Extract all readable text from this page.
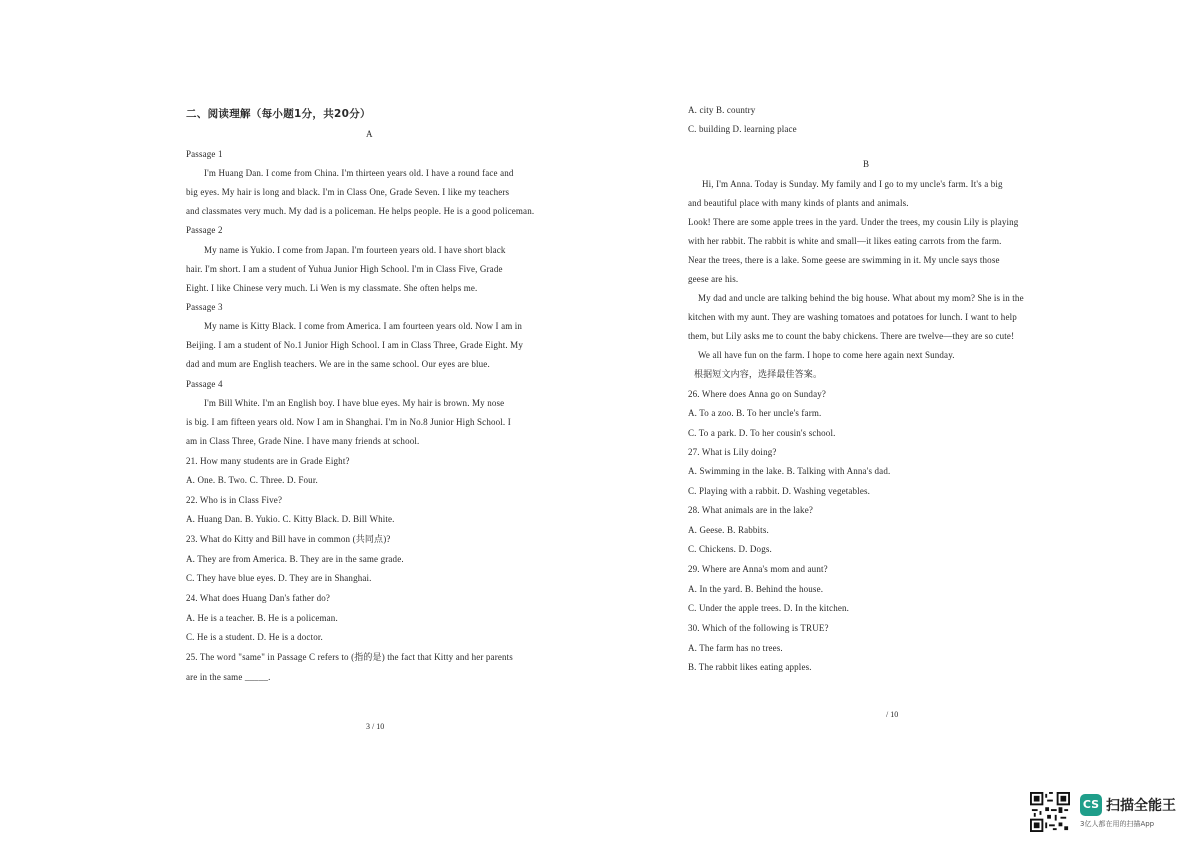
二、阅读理解（每小题1分，共20分）
A
Passage 1
I'm Huang Dan. I come from China. I'm thirteen years old. I have a round face and
big eyes. My hair is long and black. I'm in Class One, Grade Seven. I like my teachers
and classmates very much. My dad is a policeman. He helps people. He is a good policeman.
Passage 2
My name is Yukio. I come from Japan. I'm fourteen years old. I have short black
hair. I'm short. I am a student of Yuhua Junior High School. I'm in Class Five, Grade
Eight. I like Chinese very much. Li Wen is my classmate. She often helps me.
Passage 3
My name is Kitty Black. I come from America. I am fourteen years old. Now I am in
Beijing. I am a student of No.1 Junior High School. I am in Class Three, Grade Eight. My
dad and mum are English teachers. We are in the same school. Our eyes are blue.
Passage 4
I'm Bill White. I'm an English boy. I have blue eyes. My hair is brown. My nose
is big. I am fifteen years old. Now I am in Shanghai. I'm in No.8 Junior High School. I
am in Class Three, Grade Nine. I have many friends at school.
21. How many students are in Grade Eight?
A. One. B. Two. C. Three. D. Four.
22. Who is in Class Five?
A. Huang Dan. B. Yukio. C. Kitty Black. D. Bill White.
23. What do Kitty and Bill have in common (共同点)?
A. They are from America. B. They are in the same grade.
C. They have blue eyes. D. They are in Shanghai.
24. What does Huang Dan's father do?
A. He is a teacher. B. He is a policeman.
C. He is a student. D. He is a doctor.
25. The word "same" in Passage C refers to (指的是) the fact that Kitty and her parents
are in the same _____.
3 / 10
A. city B. country
C. building D. learning place
B
Hi, I'm Anna. Today is Sunday. My family and I go to my uncle's farm. It's a big
and beautiful place with many kinds of plants and animals.
Look! There are some apple trees in the yard. Under the trees, my cousin Lily is playing
with her rabbit. The rabbit is white and small—it likes eating carrots from the farm.
Near the trees, there is a lake. Some geese are swimming in it. My uncle says those
geese are his.
My dad and uncle are talking behind the big house. What about my mom? She is in the
kitchen with my aunt. They are washing tomatoes and potatoes for lunch. I want to help
them, but Lily asks me to count the baby chickens. There are twelve—they are so cute!
We all have fun on the farm. I hope to come here again next Sunday.
根据短文内容，选择最佳答案。
26. Where does Anna go on Sunday?
A. To a zoo. B. To her uncle's farm.
C. To a park. D. To her cousin's school.
27. What is Lily doing?
A. Swimming in the lake. B. Talking with Anna's dad.
C. Playing with a rabbit. D. Washing vegetables.
28. What animals are in the lake?
A. Geese. B. Rabbits.
C. Chickens. D. Dogs.
29. Where are Anna's mom and aunt?
A. In the yard. B. Behind the house.
C. Under the apple trees. D. In the kitchen.
30. Which of the following is TRUE?
A. The farm has no trees.
B. The rabbit likes eating apples.
/ 10
CS 扫描全能王
3亿人都在用的扫描App
